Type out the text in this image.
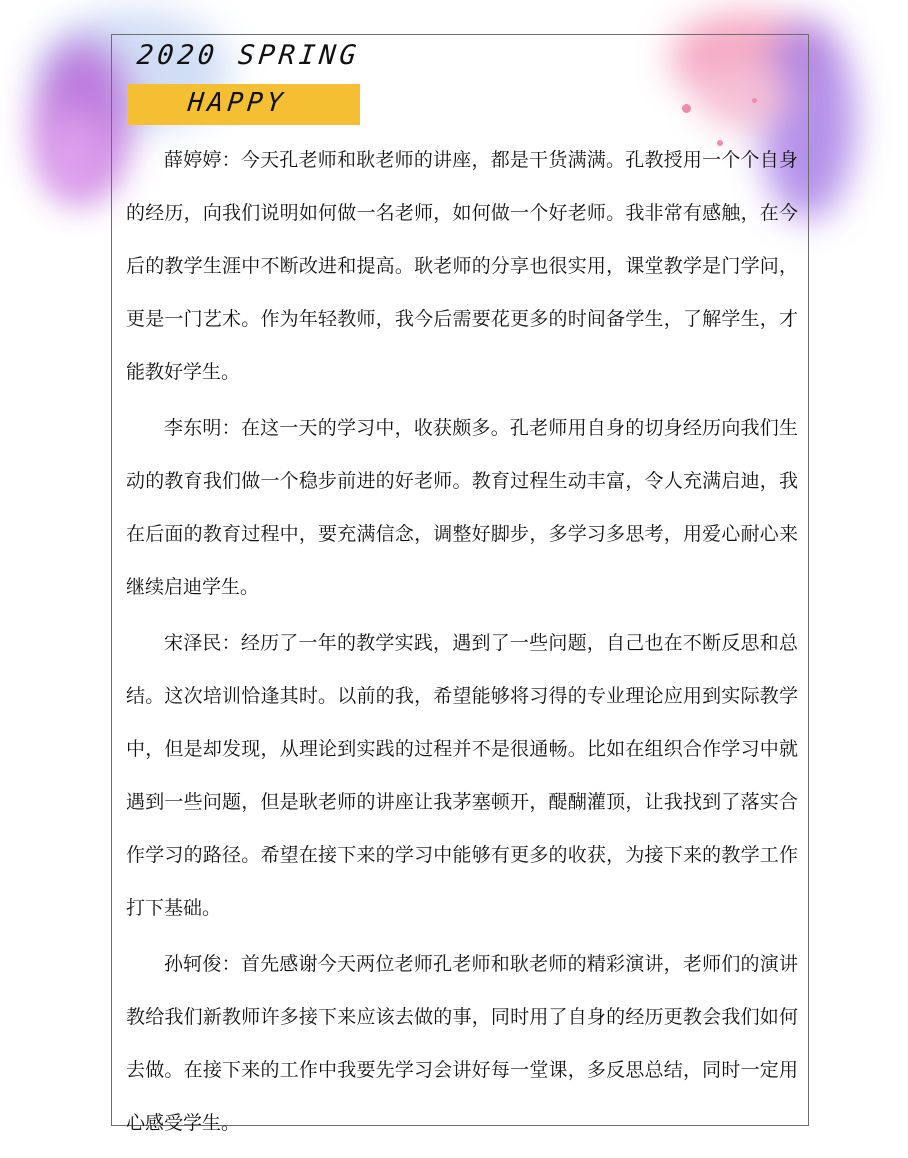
2020 SPRING
HAPPY

薛婷婷：今天孔老师和耿老师的讲座，都是干货满满。孔教授用一个个自身的经历，向我们说明如何做一名老师，如何做一个好老师。我非常有感触，在今后的教学生涯中不断改进和提高。耿老师的分享也很实用，课堂教学是门学问，更是一门艺术。作为年轻教师，我今后需要花更多的时间备学生，了解学生，才能教好学生。

李东明：在这一天的学习中，收获颇多。孔老师用自身的切身经历向我们生动的教育我们做一个稳步前进的好老师。教育过程生动丰富，令人充满启迪，我在后面的教育过程中，要充满信念，调整好脚步，多学习多思考，用爱心耐心来继续启迪学生。

宋泽民：经历了一年的教学实践，遇到了一些问题，自己也在不断反思和总结。这次培训恰逢其时。以前的我，希望能够将习得的专业理论应用到实际教学中，但是却发现，从理论到实践的过程并不是很通畅。比如在组织合作学习中就遇到一些问题，但是耿老师的讲座让我茅塞顿开，醍醐灌顶，让我找到了落实合作学习的路径。希望在接下来的学习中能够有更多的收获，为接下来的教学工作打下基础。

孙轲俊：首先感谢今天两位老师孔老师和耿老师的精彩演讲，老师们的演讲教给我们新教师许多接下来应该去做的事，同时用了自身的经历更教会我们如何去做。在接下来的工作中我要先学习会讲好每一堂课，多反思总结，同时一定用心感受学生。
